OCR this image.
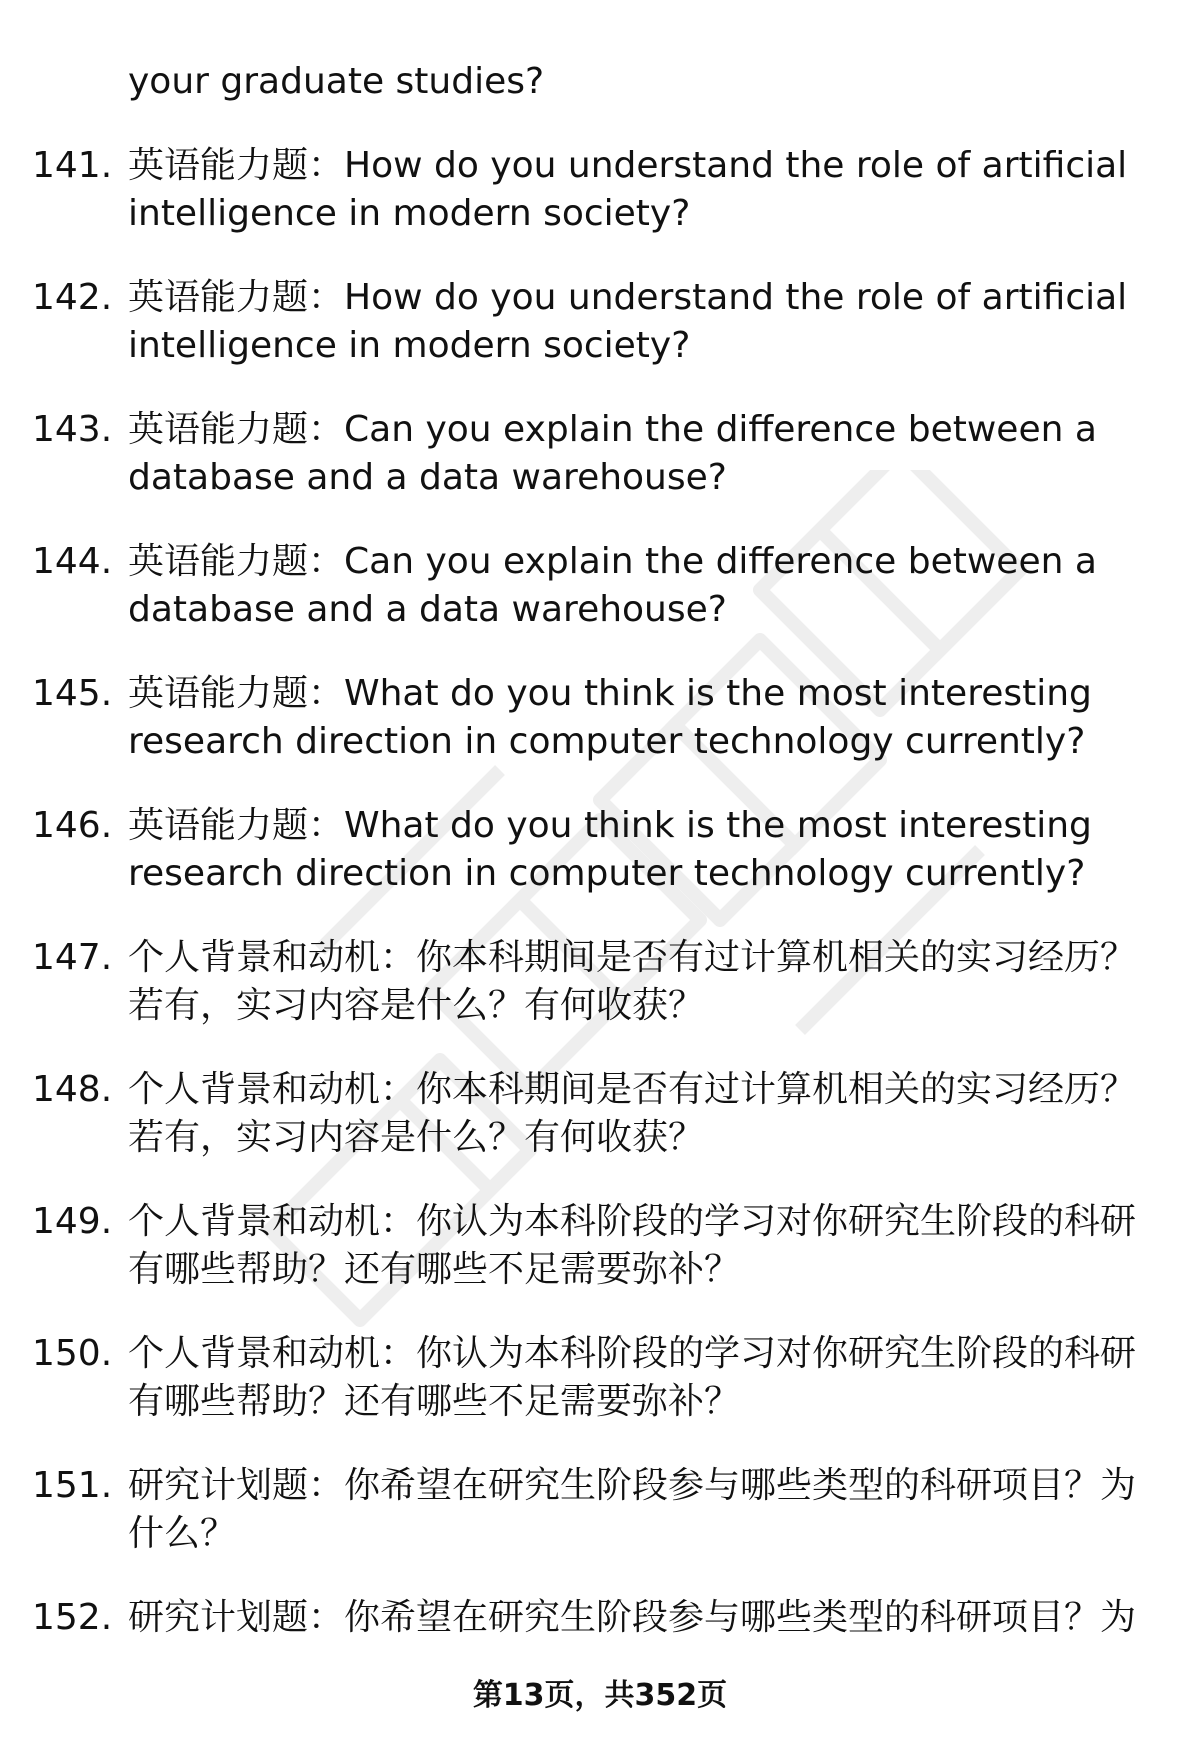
your graduate studies?
141. 英语能力题：How do you understand the role of artificial
intelligence in modern society?
142. 英语能力题：How do you understand the role of artificial
intelligence in modern society?
143. 英语能力题：Can you explain the difference between a
database and a data warehouse?
144. 英语能力题：Can you explain the difference between a
database and a data warehouse?
145. 英语能力题：What do you think is the most interesting
research direction in computer technology currently?
146. 英语能力题：What do you think is the most interesting
research direction in computer technology currently?
147. 个人背景和动机：你本科期间是否有过计算机相关的实习经历？
若有，实习内容是什么？有何收获？
148. 个人背景和动机：你本科期间是否有过计算机相关的实习经历？
若有，实习内容是什么？有何收获？
149. 个人背景和动机：你认为本科阶段的学习对你研究生阶段的科研
有哪些帮助？还有哪些不足需要弥补？
150. 个人背景和动机：你认为本科阶段的学习对你研究生阶段的科研
有哪些帮助？还有哪些不足需要弥补？
151. 研究计划题：你希望在研究生阶段参与哪些类型的科研项目？为
什么？
152. 研究计划题：你希望在研究生阶段参与哪些类型的科研项目？为
第13页，共352页
